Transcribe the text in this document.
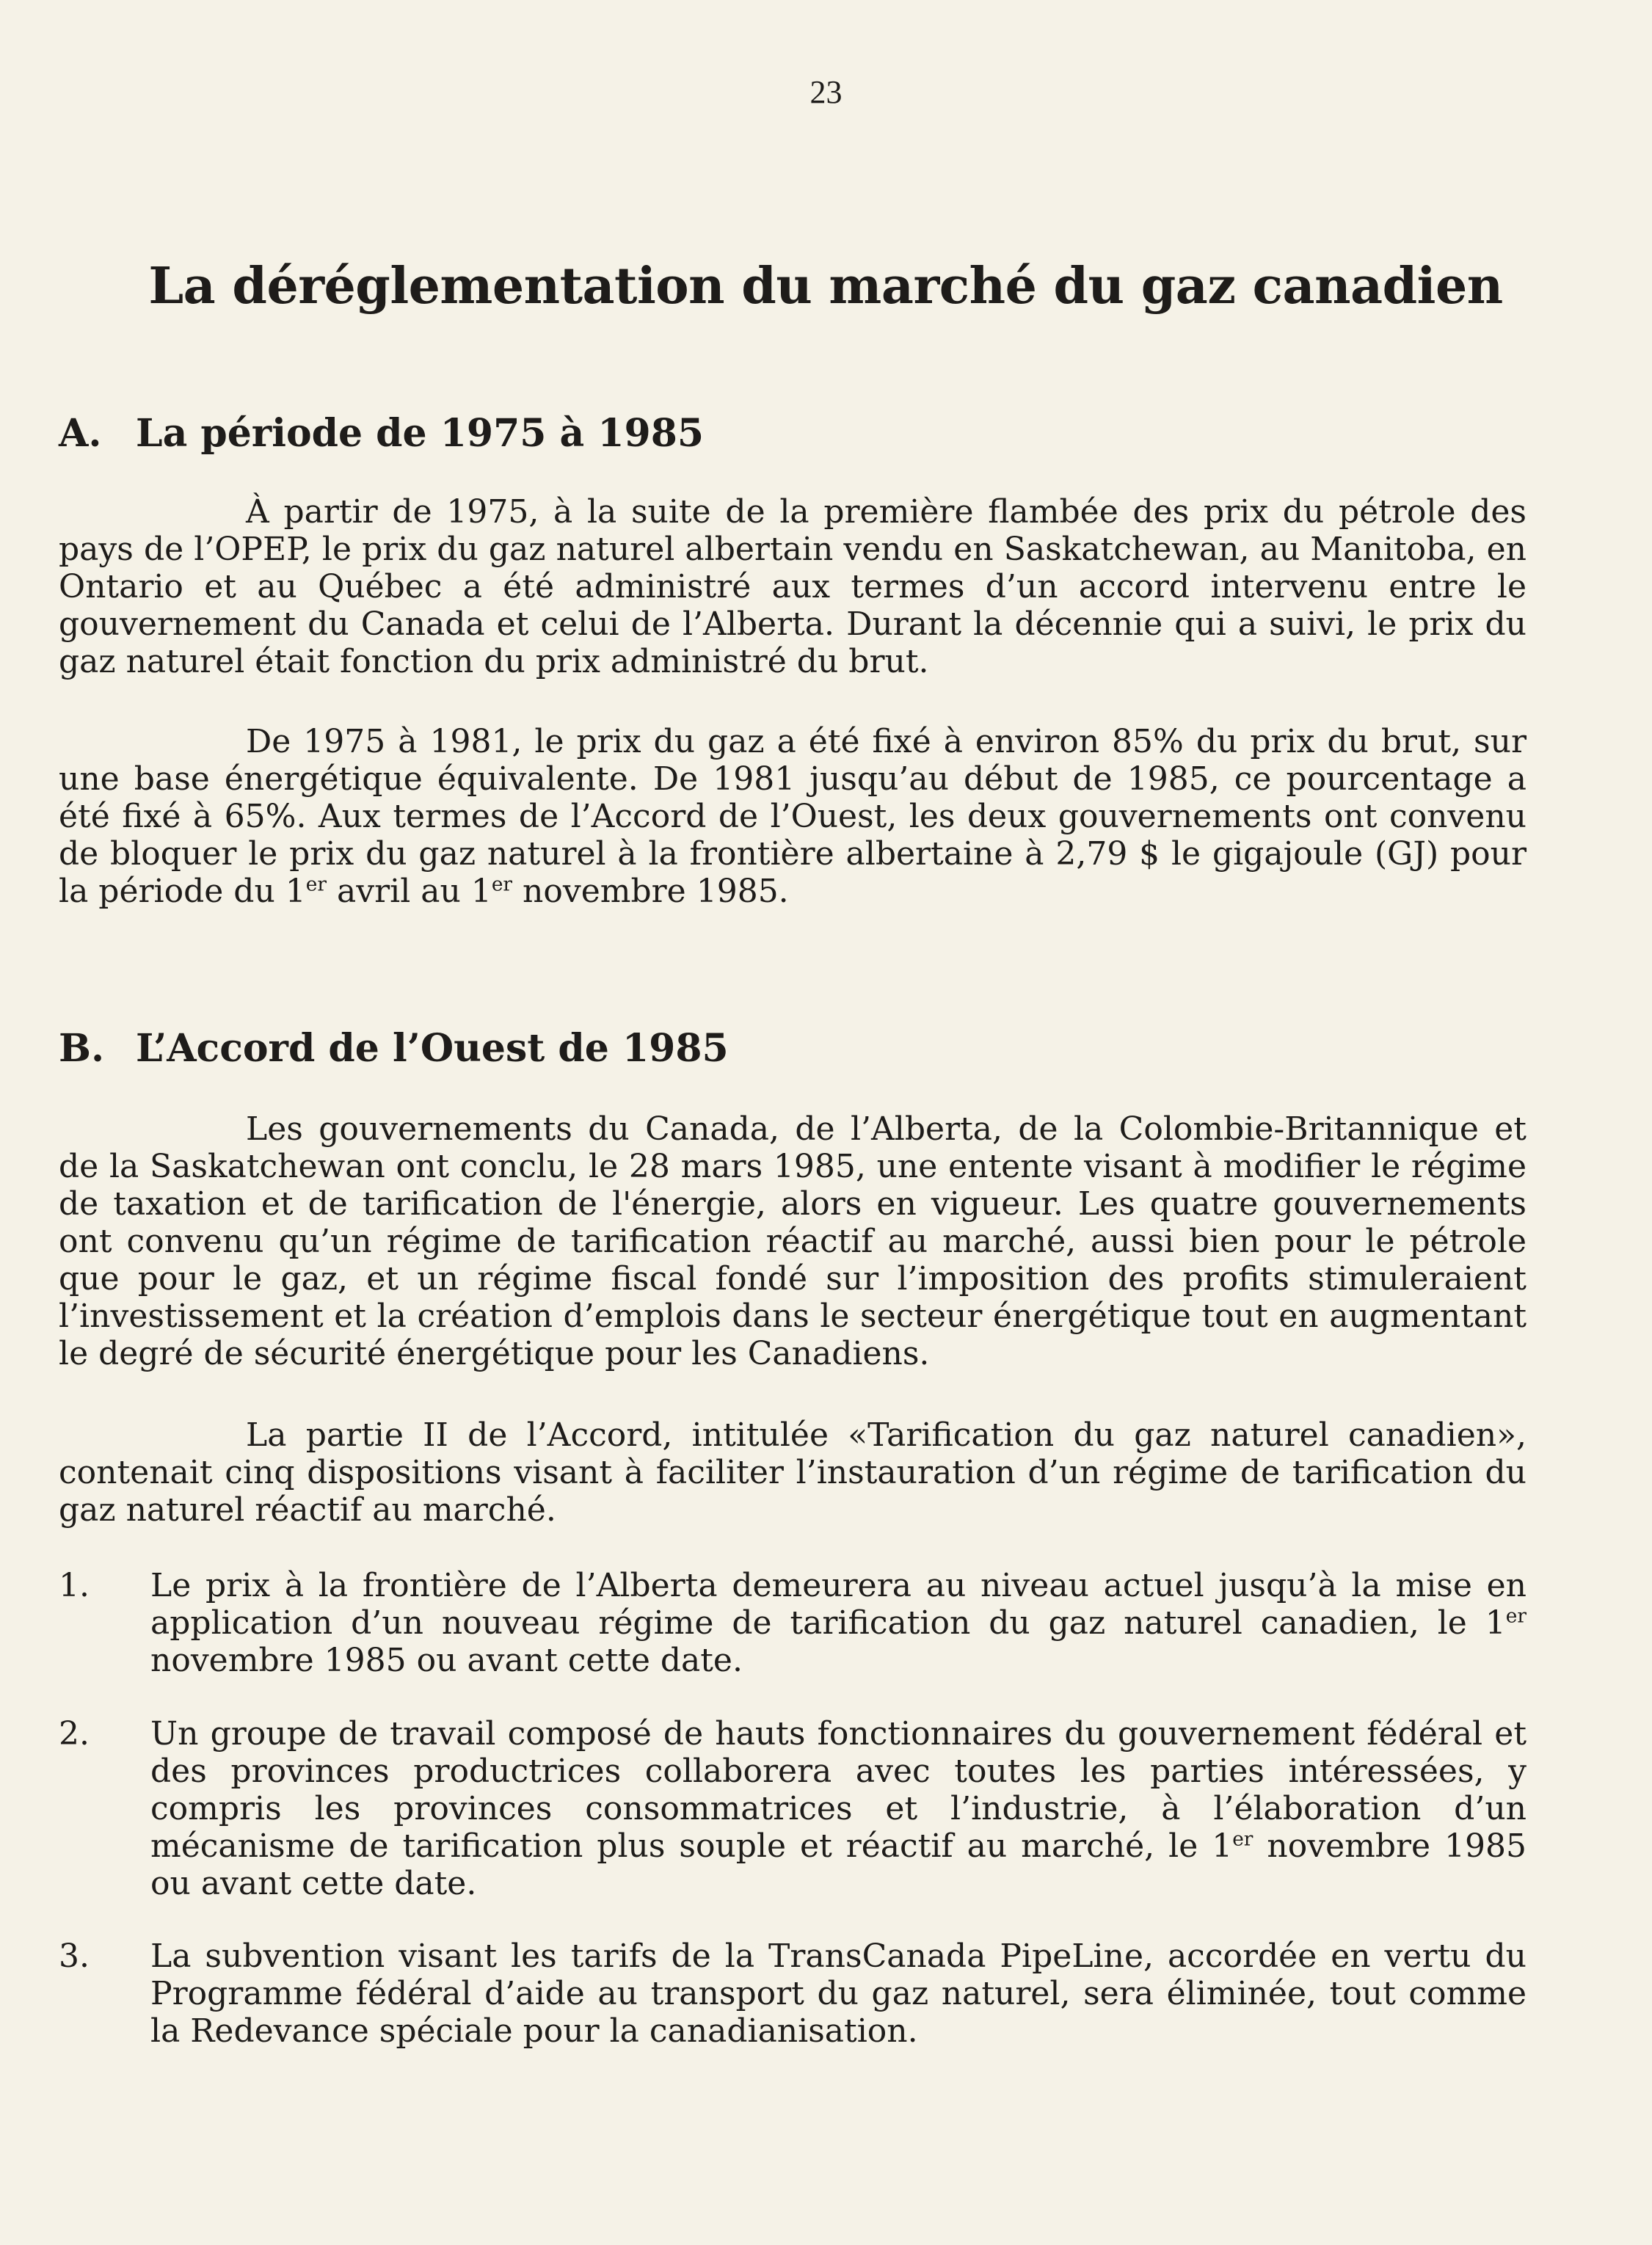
23
La déréglementation du marché du gaz canadien
A. La période de 1975 à 1985

À partir de 1975, à la suite de la première flambée des prix du pétrole des pays de l’OPEP, le prix du gaz naturel albertain vendu en Saskatchewan, au Manitoba, en Ontario et au Québec a été administré aux termes d’un accord intervenu entre le gouvernement du Canada et celui de l’Alberta. Durant la décennie qui a suivi, le prix du gaz naturel était fonction du prix administré du brut.

De 1975 à 1981, le prix du gaz a été fixé à environ 85% du prix du brut, sur une base énergétique équivalente. De 1981 jusqu’au début de 1985, ce pourcentage a été fixé à 65%. Aux termes de l’Accord de l’Ouest, les deux gouvernements ont convenu de bloquer le prix du gaz naturel à la frontière albertaine à 2,79 $ le gigajoule (GJ) pour la période du 1er avril au 1er novembre 1985.

B. L’Accord de l’Ouest de 1985

Les gouvernements du Canada, de l’Alberta, de la Colombie-Britannique et de la Saskatchewan ont conclu, le 28 mars 1985, une entente visant à modifier le régime de taxation et de tarification de l'énergie, alors en vigueur. Les quatre gouvernements ont convenu qu’un régime de tarification réactif au marché, aussi bien pour le pétrole que pour le gaz, et un régime fiscal fondé sur l’imposition des profits stimuleraient l’investissement et la création d’emplois dans le secteur énergétique tout en augmentant le degré de sécurité énergétique pour les Canadiens.

La partie II de l’Accord, intitulée «Tarification du gaz naturel canadien», contenait cinq dispositions visant à faciliter l’instauration d’un régime de tarification du gaz naturel réactif au marché.

1. Le prix à la frontière de l’Alberta demeurera au niveau actuel jusqu’à la mise en application d’un nouveau régime de tarification du gaz naturel canadien, le 1er novembre 1985 ou avant cette date.

2. Un groupe de travail composé de hauts fonctionnaires du gouvernement fédéral et des provinces productrices collaborera avec toutes les parties intéressées, y compris les provinces consommatrices et l’industrie, à l’élaboration d’un mécanisme de tarification plus souple et réactif au marché, le 1er novembre 1985 ou avant cette date.

3. La subvention visant les tarifs de la TransCanada PipeLine, accordée en vertu du Programme fédéral d’aide au transport du gaz naturel, sera éliminée, tout comme la Redevance spéciale pour la canadianisation.
